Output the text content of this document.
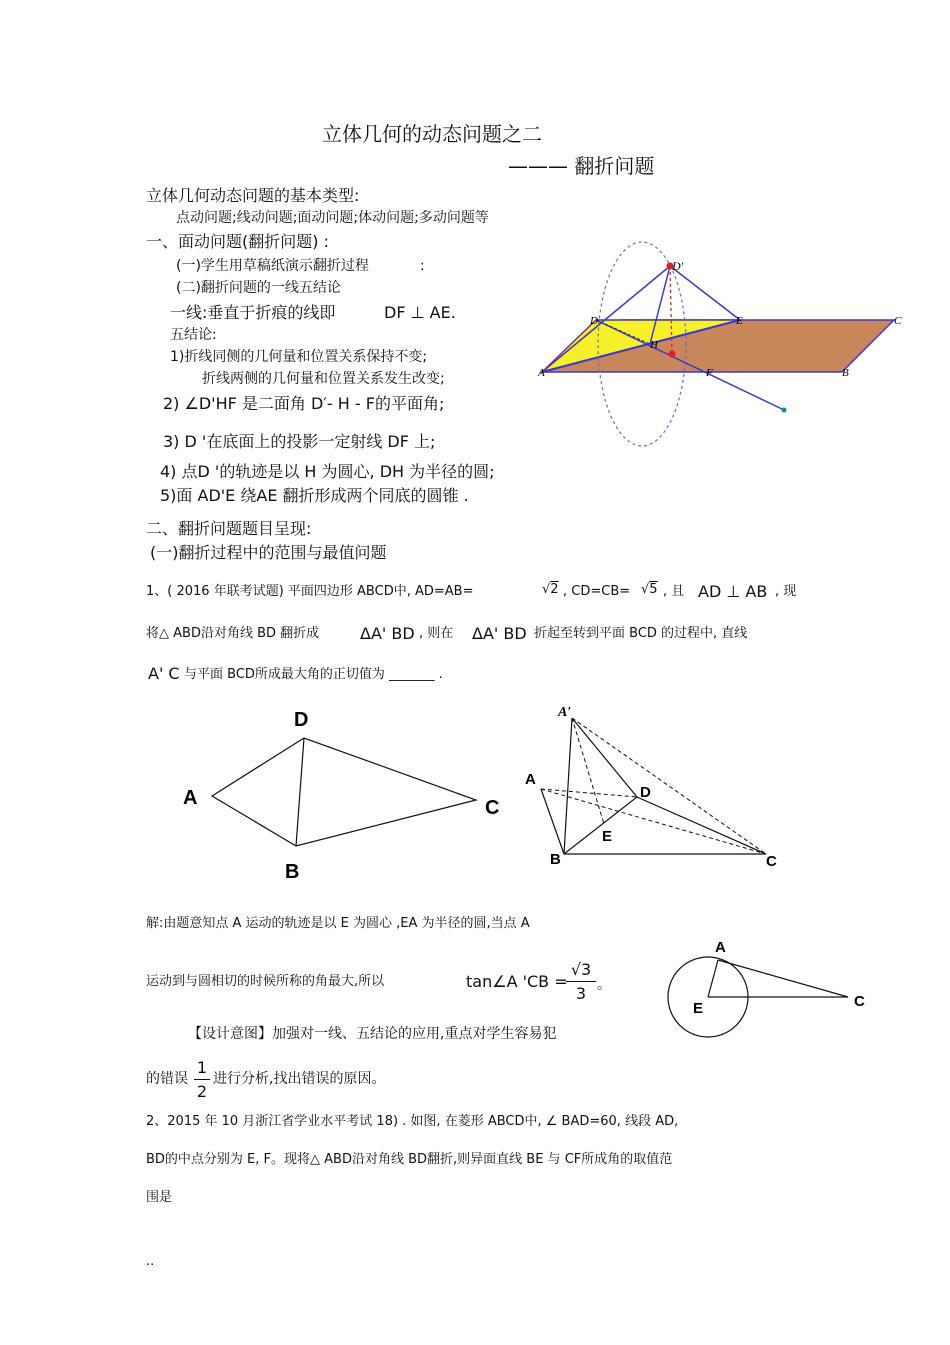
立体几何的动态问题之二
——— 翻折问题
立体几何动态问题的基本类型:
点动问题;线动问题;面动问题;体动问题;多动问题等
一、面动问题(翻折问题) :
(一)学生用草稿纸演示翻折过程	:
(二)翻折问题的一线五结论
一线:垂直于折痕的线即	DF ⊥ AE.
五结论:
1)折线同侧的几何量和位置关系保持不变;
折线两侧的几何量和位置关系发生改变;
2) ∠D'HF 是二面角 D′- H - F的平面角;
3) D '在底面上的投影一定射线 DF 上;
4) 点D '的轨迹是以 H 为圆心, DH 为半径的圆;
5)面 AD'E 绕AE 翻折形成两个同底的圆锥 .
二、翻折问题题目呈现:
(一)翻折过程中的范围与最值问题
1、( 2016 年联考试题) 平面四边形 ABCD中, AD=AB=	√2 , CD=CB= √5 , 且 AD ⊥ AB , 现
将△ ABD沿对角线 BD 翻折成	ΔA' BD , 则在 ΔA' BD 折起至转到平面 BCD 的过程中, 直线
A' C 与平面 BCD所成最大角的正切值为 _______ .
解:由题意知点 A 运动的轨迹是以 E 为圆心 ,EA 为半径的圆,当点 A
运动到与圆相切的时候所称的角最大,所以	tan∠A 'CB =
$\frac{√3}{3}$ 。
【设计意图】加强对一线、五结论的应用,重点对学生容易犯
的错误 $\frac{1}{2}$ 进行分析,找出错误的原因。
2、2015 年 10 月浙江省学业水平考试 18) . 如图, 在菱形 ABCD中, ∠ BAD=60, 线段 AD,
BD的中点分别为 E, F。现将△ ABD沿对角线 BD翻折,则异面直线 BE 与 CF所成角的取值范
围是
..
D′
D	E	C
H
A	F	B
D
A	C
B
A′
A
D
E
B	C
A
E	C
